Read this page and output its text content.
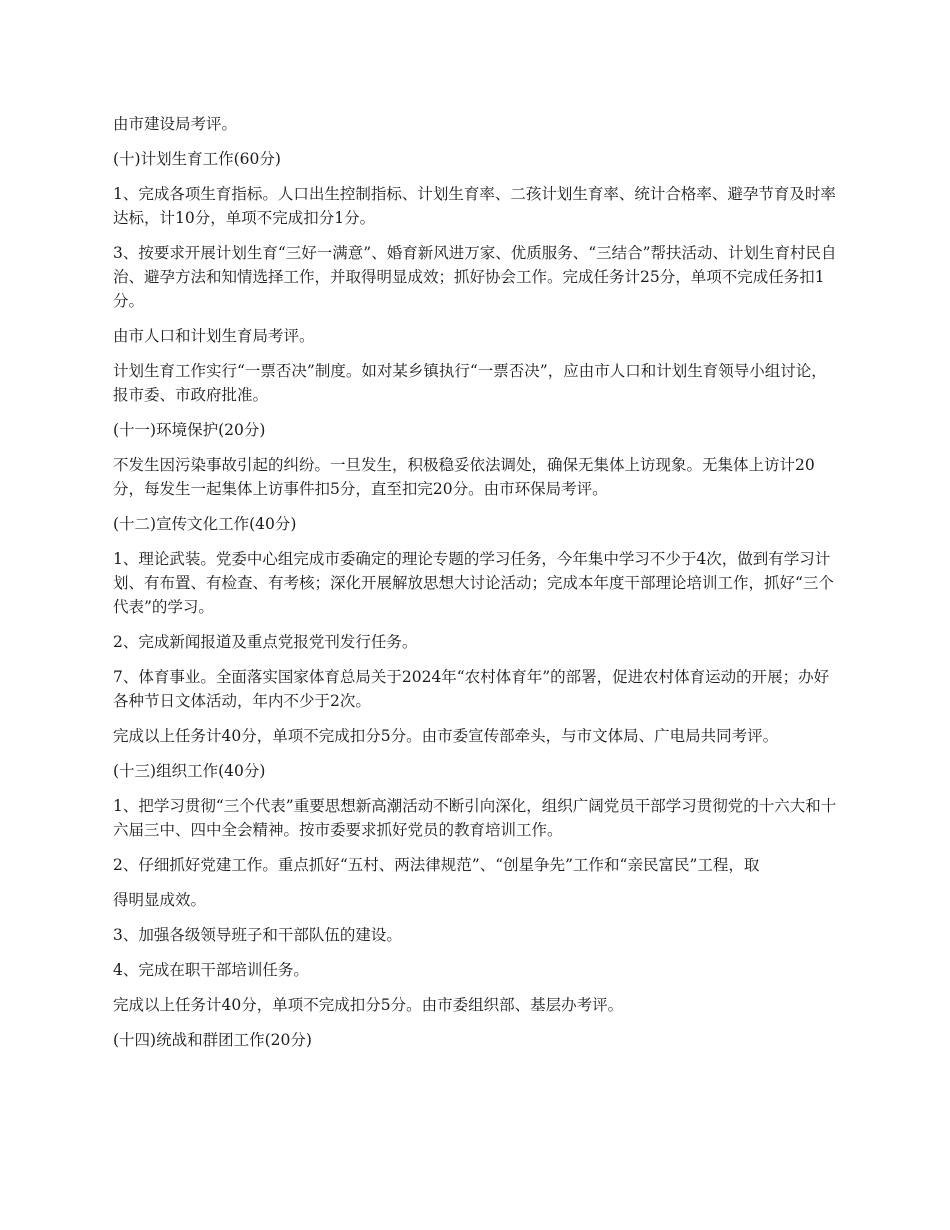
由市建设局考评。

(十)计划生育工作(60分)

1、完成各项生育指标。人口出生控制指标、计划生育率、二孩计划生育率、统计合格率、避孕节育及时率达标，计10分，单项不完成扣分1分。

3、按要求开展计划生育“三好一满意”、婚育新风进万家、优质服务、“三结合”帮扶活动、计划生育村民自治、避孕方法和知情选择工作，并取得明显成效；抓好协会工作。完成任务计25分，单项不完成任务扣1分。

由市人口和计划生育局考评。

计划生育工作实行“一票否决”制度。如对某乡镇执行“一票否决”，应由市人口和计划生育领导小组讨论，报市委、市政府批准。

(十一)环境保护(20分)

不发生因污染事故引起的纠纷。一旦发生，积极稳妥依法调处，确保无集体上访现象。无集体上访计20分，每发生一起集体上访事件扣5分，直至扣完20分。由市环保局考评。

(十二)宣传文化工作(40分)

1、理论武装。党委中心组完成市委确定的理论专题的学习任务，今年集中学习不少于4次，做到有学习计划、有布置、有检查、有考核；深化开展解放思想大讨论活动；完成本年度干部理论培训工作，抓好“三个代表”的学习。

2、完成新闻报道及重点党报党刊发行任务。

7、体育事业。全面落实国家体育总局关于2024年“农村体育年”的部署，促进农村体育运动的开展；办好各种节日文体活动，年内不少于2次。

完成以上任务计40分，单项不完成扣分5分。由市委宣传部牵头，与市文体局、广电局共同考评。

(十三)组织工作(40分)

1、把学习贯彻“三个代表”重要思想新高潮活动不断引向深化，组织广阔党员干部学习贯彻党的十六大和十六届三中、四中全会精神。按市委要求抓好党员的教育培训工作。

2、仔细抓好党建工作。重点抓好“五村、两法律规范”、“创星争先”工作和“亲民富民”工程，取

得明显成效。

3、加强各级领导班子和干部队伍的建设。

4、完成在职干部培训任务。

完成以上任务计40分，单项不完成扣分5分。由市委组织部、基层办考评。

(十四)统战和群团工作(20分)
